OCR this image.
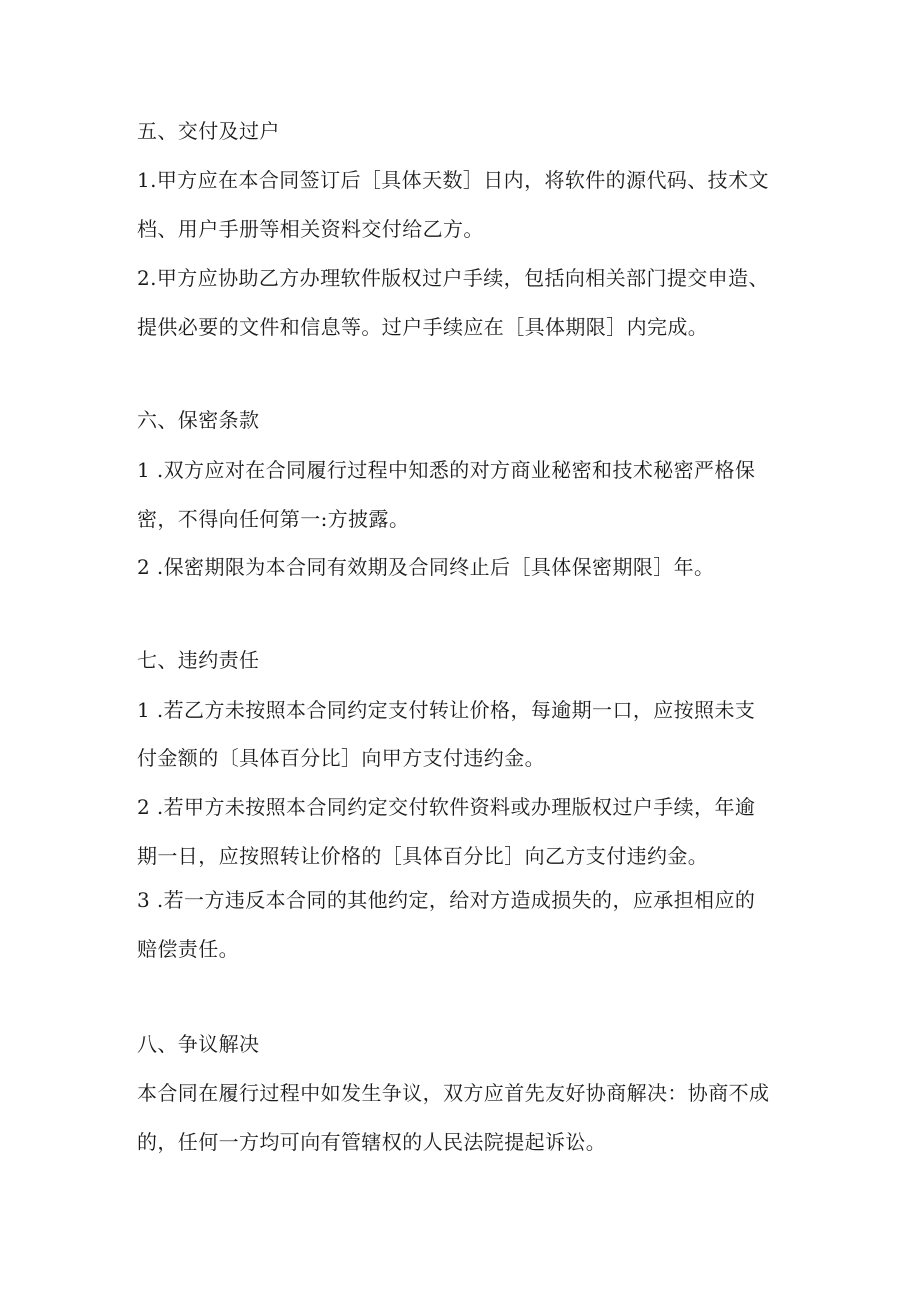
五、交付及过户
1.甲方应在本合同签订后［具体天数］日内，将软件的源代码、技术文
档、用户手册等相关资料交付给乙方。
2.甲方应协助乙方办理软件版权过户手续，包括向相关部门提交申造、
提供必要的文件和信息等。过户手续应在［具体期限］内完成。
六、保密条款
1 .双方应对在合同履行过程中知悉的对方商业秘密和技术秘密严格保
密，不得向任何第一:方披露。
2 .保密期限为本合同有效期及合同终止后［具体保密期限］年。
七、违约责任
1 .若乙方未按照本合同约定支付转让价格，每逾期一口，应按照未支
付金额的〔具体百分比］向甲方支付违约金。
2 .若甲方未按照本合同约定交付软件资料或办理版权过户手续，年逾
期一日，应按照转让价格的［具体百分比］向乙方支付违约金。
3 .若一方违反本合同的其他约定，给对方造成损失的，应承担相应的
赔偿责任。
八、争议解决
本合同在履行过程中如发生争议，双方应首先友好协商解决：协商不成
的，任何一方均可向有管辖权的人民法院提起诉讼。
